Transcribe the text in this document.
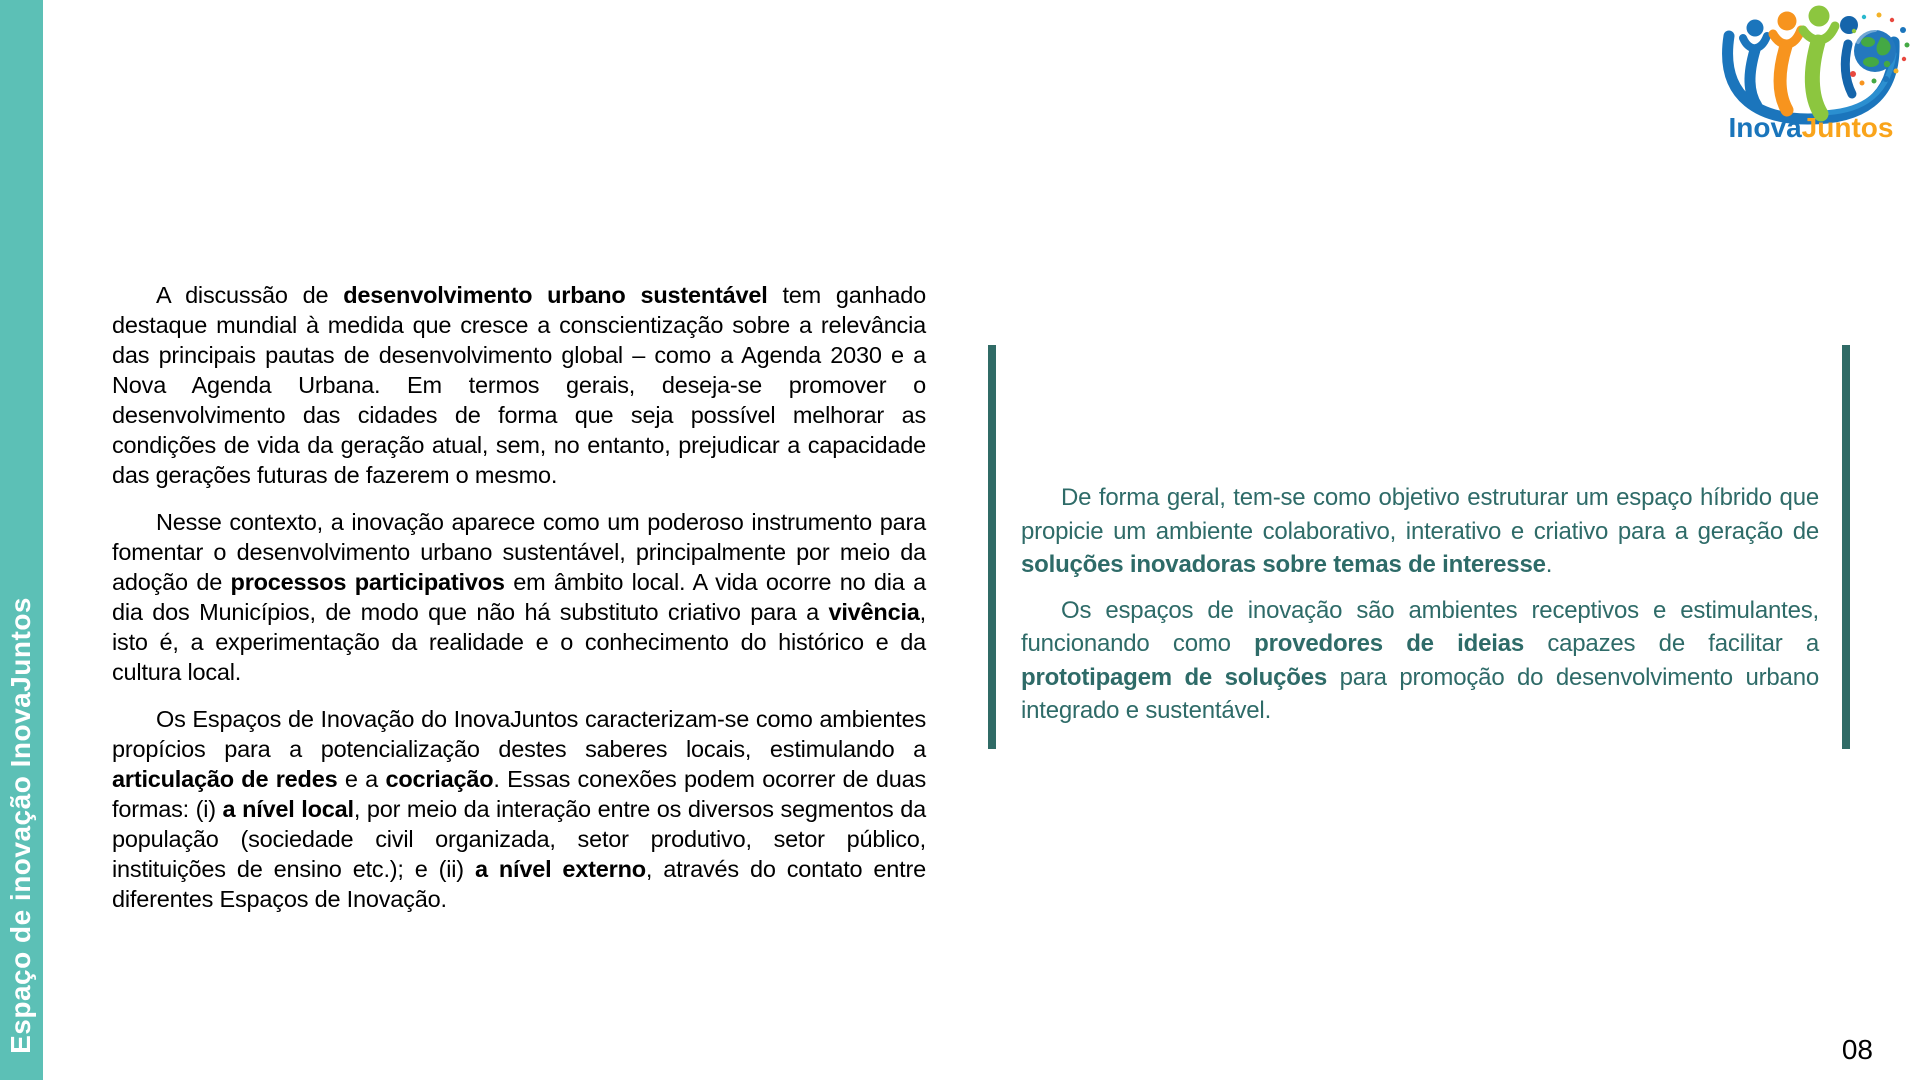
Espaço de inovação InovaJuntos
InovaJuntos

A discussão de desenvolvimento urbano sustentável tem ganhado destaque mundial à medida que cresce a conscientização sobre a relevância das principais pautas de desenvolvimento global – como a Agenda 2030 e a Nova Agenda Urbana. Em termos gerais, deseja-se promover o desenvolvimento das cidades de forma que seja possível melhorar as condições de vida da geração atual, sem, no entanto, prejudicar a capacidade das gerações futuras de fazerem o mesmo.

Nesse contexto, a inovação aparece como um poderoso instrumento para fomentar o desenvolvimento urbano sustentável, principalmente por meio da adoção de processos participativos em âmbito local. A vida ocorre no dia a dia dos Municípios, de modo que não há substituto criativo para a vivência, isto é, a experimentação da realidade e o conhecimento do histórico e da cultura local.

Os Espaços de Inovação do InovaJuntos caracterizam-se como ambientes propícios para a potencialização destes saberes locais, estimulando a articulação de redes e a cocriação. Essas conexões podem ocorrer de duas formas: (i) a nível local, por meio da interação entre os diversos segmentos da população (sociedade civil organizada, setor produtivo, setor público, instituições de ensino etc.); e (ii) a nível externo, através do contato entre diferentes Espaços de Inovação.

De forma geral, tem-se como objetivo estruturar um espaço híbrido que propicie um ambiente colaborativo, interativo e criativo para a geração de soluções inovadoras sobre temas de interesse.

Os espaços de inovação são ambientes receptivos e estimulantes, funcionando como provedores de ideias capazes de facilitar a prototipagem de soluções para promoção do desenvolvimento urbano integrado e sustentável.

08
